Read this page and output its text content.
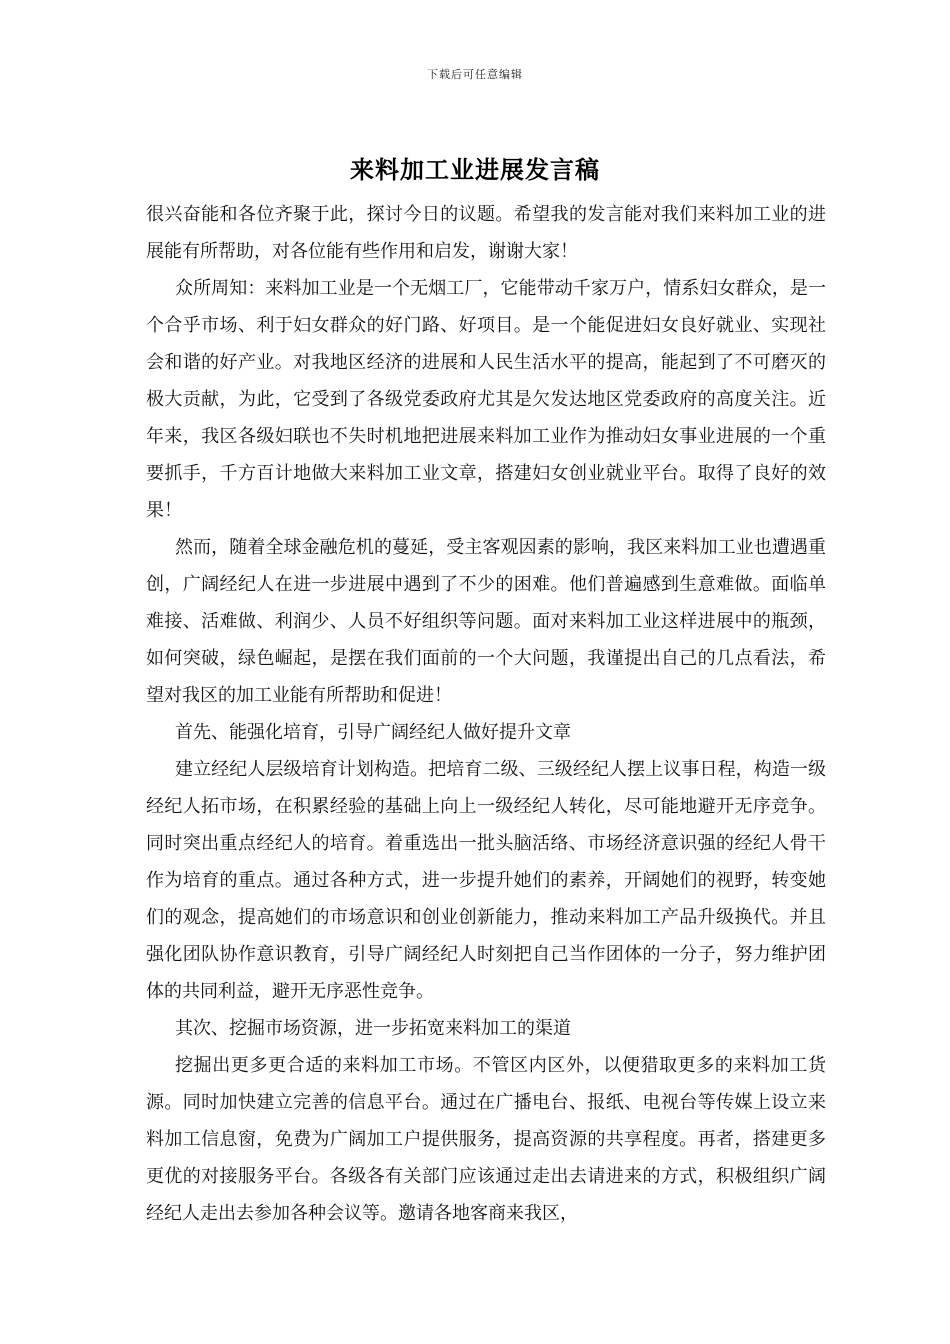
下载后可任意编辑
来料加工业进展发言稿

很兴奋能和各位齐聚于此，探讨今日的议题。希望我的发言能对我们来料加工业的进展能有所帮助，对各位能有些作用和启发，谢谢大家！

众所周知：来料加工业是一个无烟工厂，它能带动千家万户，情系妇女群众，是一个合乎市场、利于妇女群众的好门路、好项目。是一个能促进妇女良好就业、实现社会和谐的好产业。对我地区经济的进展和人民生活水平的提高，能起到了不可磨灭的极大贡献，为此，它受到了各级党委政府尤其是欠发达地区党委政府的高度关注。近年来，我区各级妇联也不失时机地把进展来料加工业作为推动妇女事业进展的一个重要抓手，千方百计地做大来料加工业文章，搭建妇女创业就业平台。取得了良好的效果！

然而，随着全球金融危机的蔓延，受主客观因素的影响，我区来料加工业也遭遇重创，广阔经纪人在进一步进展中遇到了不少的困难。他们普遍感到生意难做。面临单难接、活难做、利润少、人员不好组织等问题。面对来料加工业这样进展中的瓶颈，如何突破，绿色崛起，是摆在我们面前的一个大问题，我谨提出自己的几点看法，希望对我区的加工业能有所帮助和促进！

首先、能强化培育，引导广阔经纪人做好提升文章

建立经纪人层级培育计划构造。把培育二级、三级经纪人摆上议事日程，构造一级经纪人拓市场，在积累经验的基础上向上一级经纪人转化，尽可能地避开无序竞争。同时突出重点经纪人的培育。着重选出一批头脑活络、市场经济意识强的经纪人骨干作为培育的重点。通过各种方式，进一步提升她们的素养，开阔她们的视野，转变她们的观念，提高她们的市场意识和创业创新能力，推动来料加工产品升级换代。并且强化团队协作意识教育，引导广阔经纪人时刻把自己当作团体的一分子，努力维护团体的共同利益，避开无序恶性竞争。

其次、挖掘市场资源，进一步拓宽来料加工的渠道

挖掘出更多更合适的来料加工市场。不管区内区外，以便猎取更多的来料加工货源。同时加快建立完善的信息平台。通过在广播电台、报纸、电视台等传媒上设立来料加工信息窗，免费为广阔加工户提供服务，提高资源的共享程度。再者，搭建更多更优的对接服务平台。各级各有关部门应该通过走出去请进来的方式，积极组织广阔经纪人走出去参加各种会议等。邀请各地客商来我区，
